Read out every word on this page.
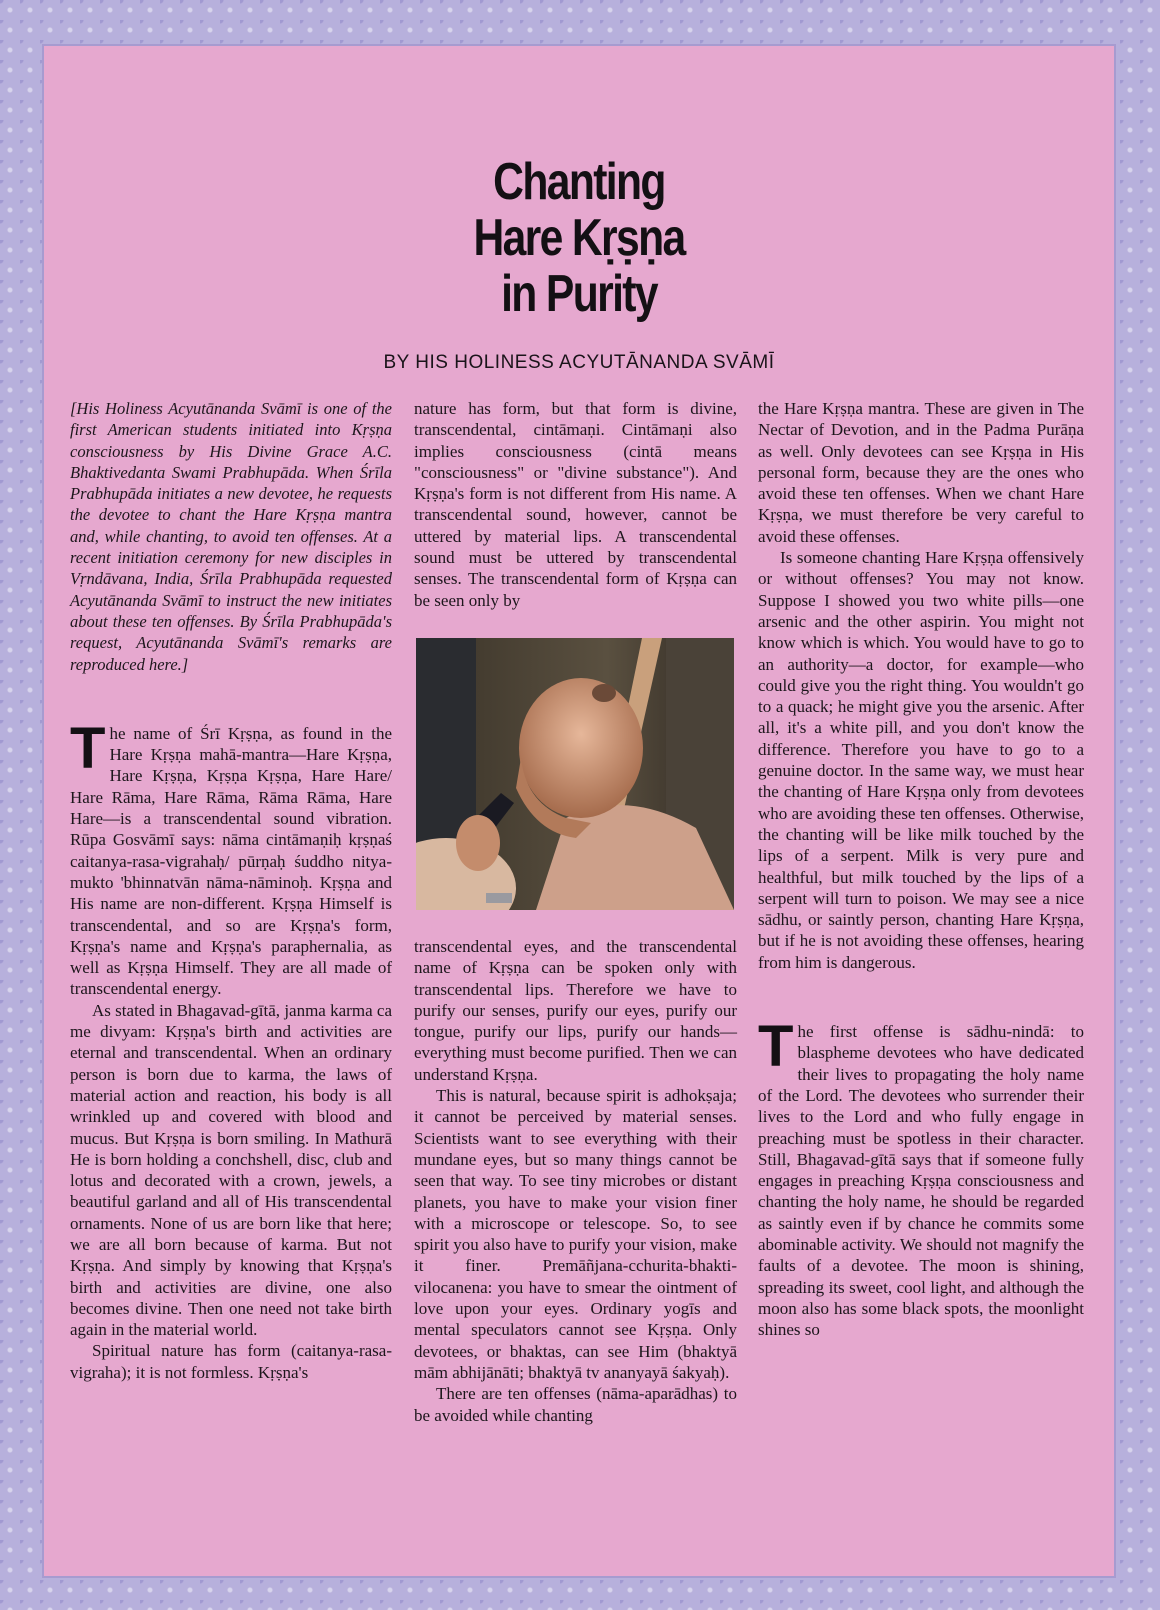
Chanting
Hare Kṛṣṇa
in Purity
BY HIS HOLINESS ACYUTĀNANDA SVĀMĪ

[His Holiness Acyutānanda Svāmī is one of the first American students initiated into Kṛṣṇa consciousness by His Divine Grace A.C. Bhaktivedanta Swami Prabhupāda. When Śrīla Prabhupāda initiates a new devotee, he requests the devotee to chant the Hare Kṛṣṇa mantra and, while chanting, to avoid ten offenses. At a recent initiation ceremony for new disciples in Vṛndāvana, India, Śrīla Prabhupāda requested Acyutānanda Svāmī to instruct the new initiates about these ten offenses. By Śrīla Prabhupāda's request, Acyutānanda Svāmī's remarks are reproduced here.]

The name of Śrī Kṛṣṇa, as found in the Hare Kṛṣṇa mahā-mantra—Hare Kṛṣṇa, Hare Kṛṣṇa, Kṛṣṇa Kṛṣṇa, Hare Hare/ Hare Rāma, Hare Rāma, Rāma Rāma, Hare Hare—is a transcendental sound vibration. Rūpa Gosvāmī says: nāma cintāmaṇiḥ kṛṣṇaś caitanya-rasa-vigrahaḥ/ pūrṇaḥ śuddho nitya-mukto 'bhinnatvān nāma-nāminoḥ. Kṛṣṇa and His name are non-different. Kṛṣṇa Himself is transcendental, and so are Kṛṣṇa's form, Kṛṣṇa's name and Kṛṣṇa's paraphernalia, as well as Kṛṣṇa Himself. They are all made of transcendental energy.

As stated in Bhagavad-gītā, janma karma ca me divyam: Kṛṣṇa's birth and activities are eternal and transcendental. When an ordinary person is born due to karma, the laws of material action and reaction, his body is all wrinkled up and covered with blood and mucus. But Kṛṣṇa is born smiling. In Mathurā He is born holding a conchshell, disc, club and lotus and decorated with a crown, jewels, a beautiful garland and all of His transcendental ornaments. None of us are born like that here; we are all born because of karma. But not Kṛṣṇa. And simply by knowing that Kṛṣṇa's birth and activities are divine, one also becomes divine. Then one need not take birth again in the material world.

Spiritual nature has form (caitanya-rasa-vigraha); it is not formless. Kṛṣṇa's

nature has form, but that form is divine, transcendental, cintāmaṇi. Cintāmaṇi also implies consciousness (cintā means "consciousness" or "divine substance"). And Kṛṣṇa's form is not different from His name. A transcendental sound, however, cannot be uttered by material lips. A transcendental sound must be uttered by transcendental senses. The transcendental form of Kṛṣṇa can be seen only by

transcendental eyes, and the transcendental name of Kṛṣṇa can be spoken only with transcendental lips. Therefore we have to purify our senses, purify our eyes, purify our tongue, purify our lips, purify our hands—everything must become purified. Then we can understand Kṛṣṇa.

This is natural, because spirit is adhokṣaja; it cannot be perceived by material senses. Scientists want to see everything with their mundane eyes, but so many things cannot be seen that way. To see tiny microbes or distant planets, you have to make your vision finer with a microscope or telescope. So, to see spirit you also have to purify your vision, make it finer. Premāñjana-cchurita-bhakti-vilocanena: you have to smear the ointment of love upon your eyes. Ordinary yogīs and mental speculators cannot see Kṛṣṇa. Only devotees, or bhaktas, can see Him (bhaktyā mām abhijānāti; bhaktyā tv ananyayā śakyaḥ).

There are ten offenses (nāma-aparādhas) to be avoided while chanting

the Hare Kṛṣṇa mantra. These are given in The Nectar of Devotion, and in the Padma Purāṇa as well. Only devotees can see Kṛṣṇa in His personal form, because they are the ones who avoid these ten offenses. When we chant Hare Kṛṣṇa, we must therefore be very careful to avoid these offenses.

Is someone chanting Hare Kṛṣṇa offensively or without offenses? You may not know. Suppose I showed you two white pills—one arsenic and the other aspirin. You might not know which is which. You would have to go to an authority—a doctor, for example—who could give you the right thing. You wouldn't go to a quack; he might give you the arsenic. After all, it's a white pill, and you don't know the difference. Therefore you have to go to a genuine doctor. In the same way, we must hear the chanting of Hare Kṛṣṇa only from devotees who are avoiding these ten offenses. Otherwise, the chanting will be like milk touched by the lips of a serpent. Milk is very pure and healthful, but milk touched by the lips of a serpent will turn to poison. We may see a nice sādhu, or saintly person, chanting Hare Kṛṣṇa, but if he is not avoiding these offenses, hearing from him is dangerous.

The first offense is sādhu-nindā: to blaspheme devotees who have dedicated their lives to propagating the holy name of the Lord. The devotees who surrender their lives to the Lord and who fully engage in preaching must be spotless in their character. Still, Bhagavad-gītā says that if someone fully engages in preaching Kṛṣṇa consciousness and chanting the holy name, he should be regarded as saintly even if by chance he commits some abominable activity. We should not magnify the faults of a devotee. The moon is shining, spreading its sweet, cool light, and although the moon also has some black spots, the moonlight shines so
